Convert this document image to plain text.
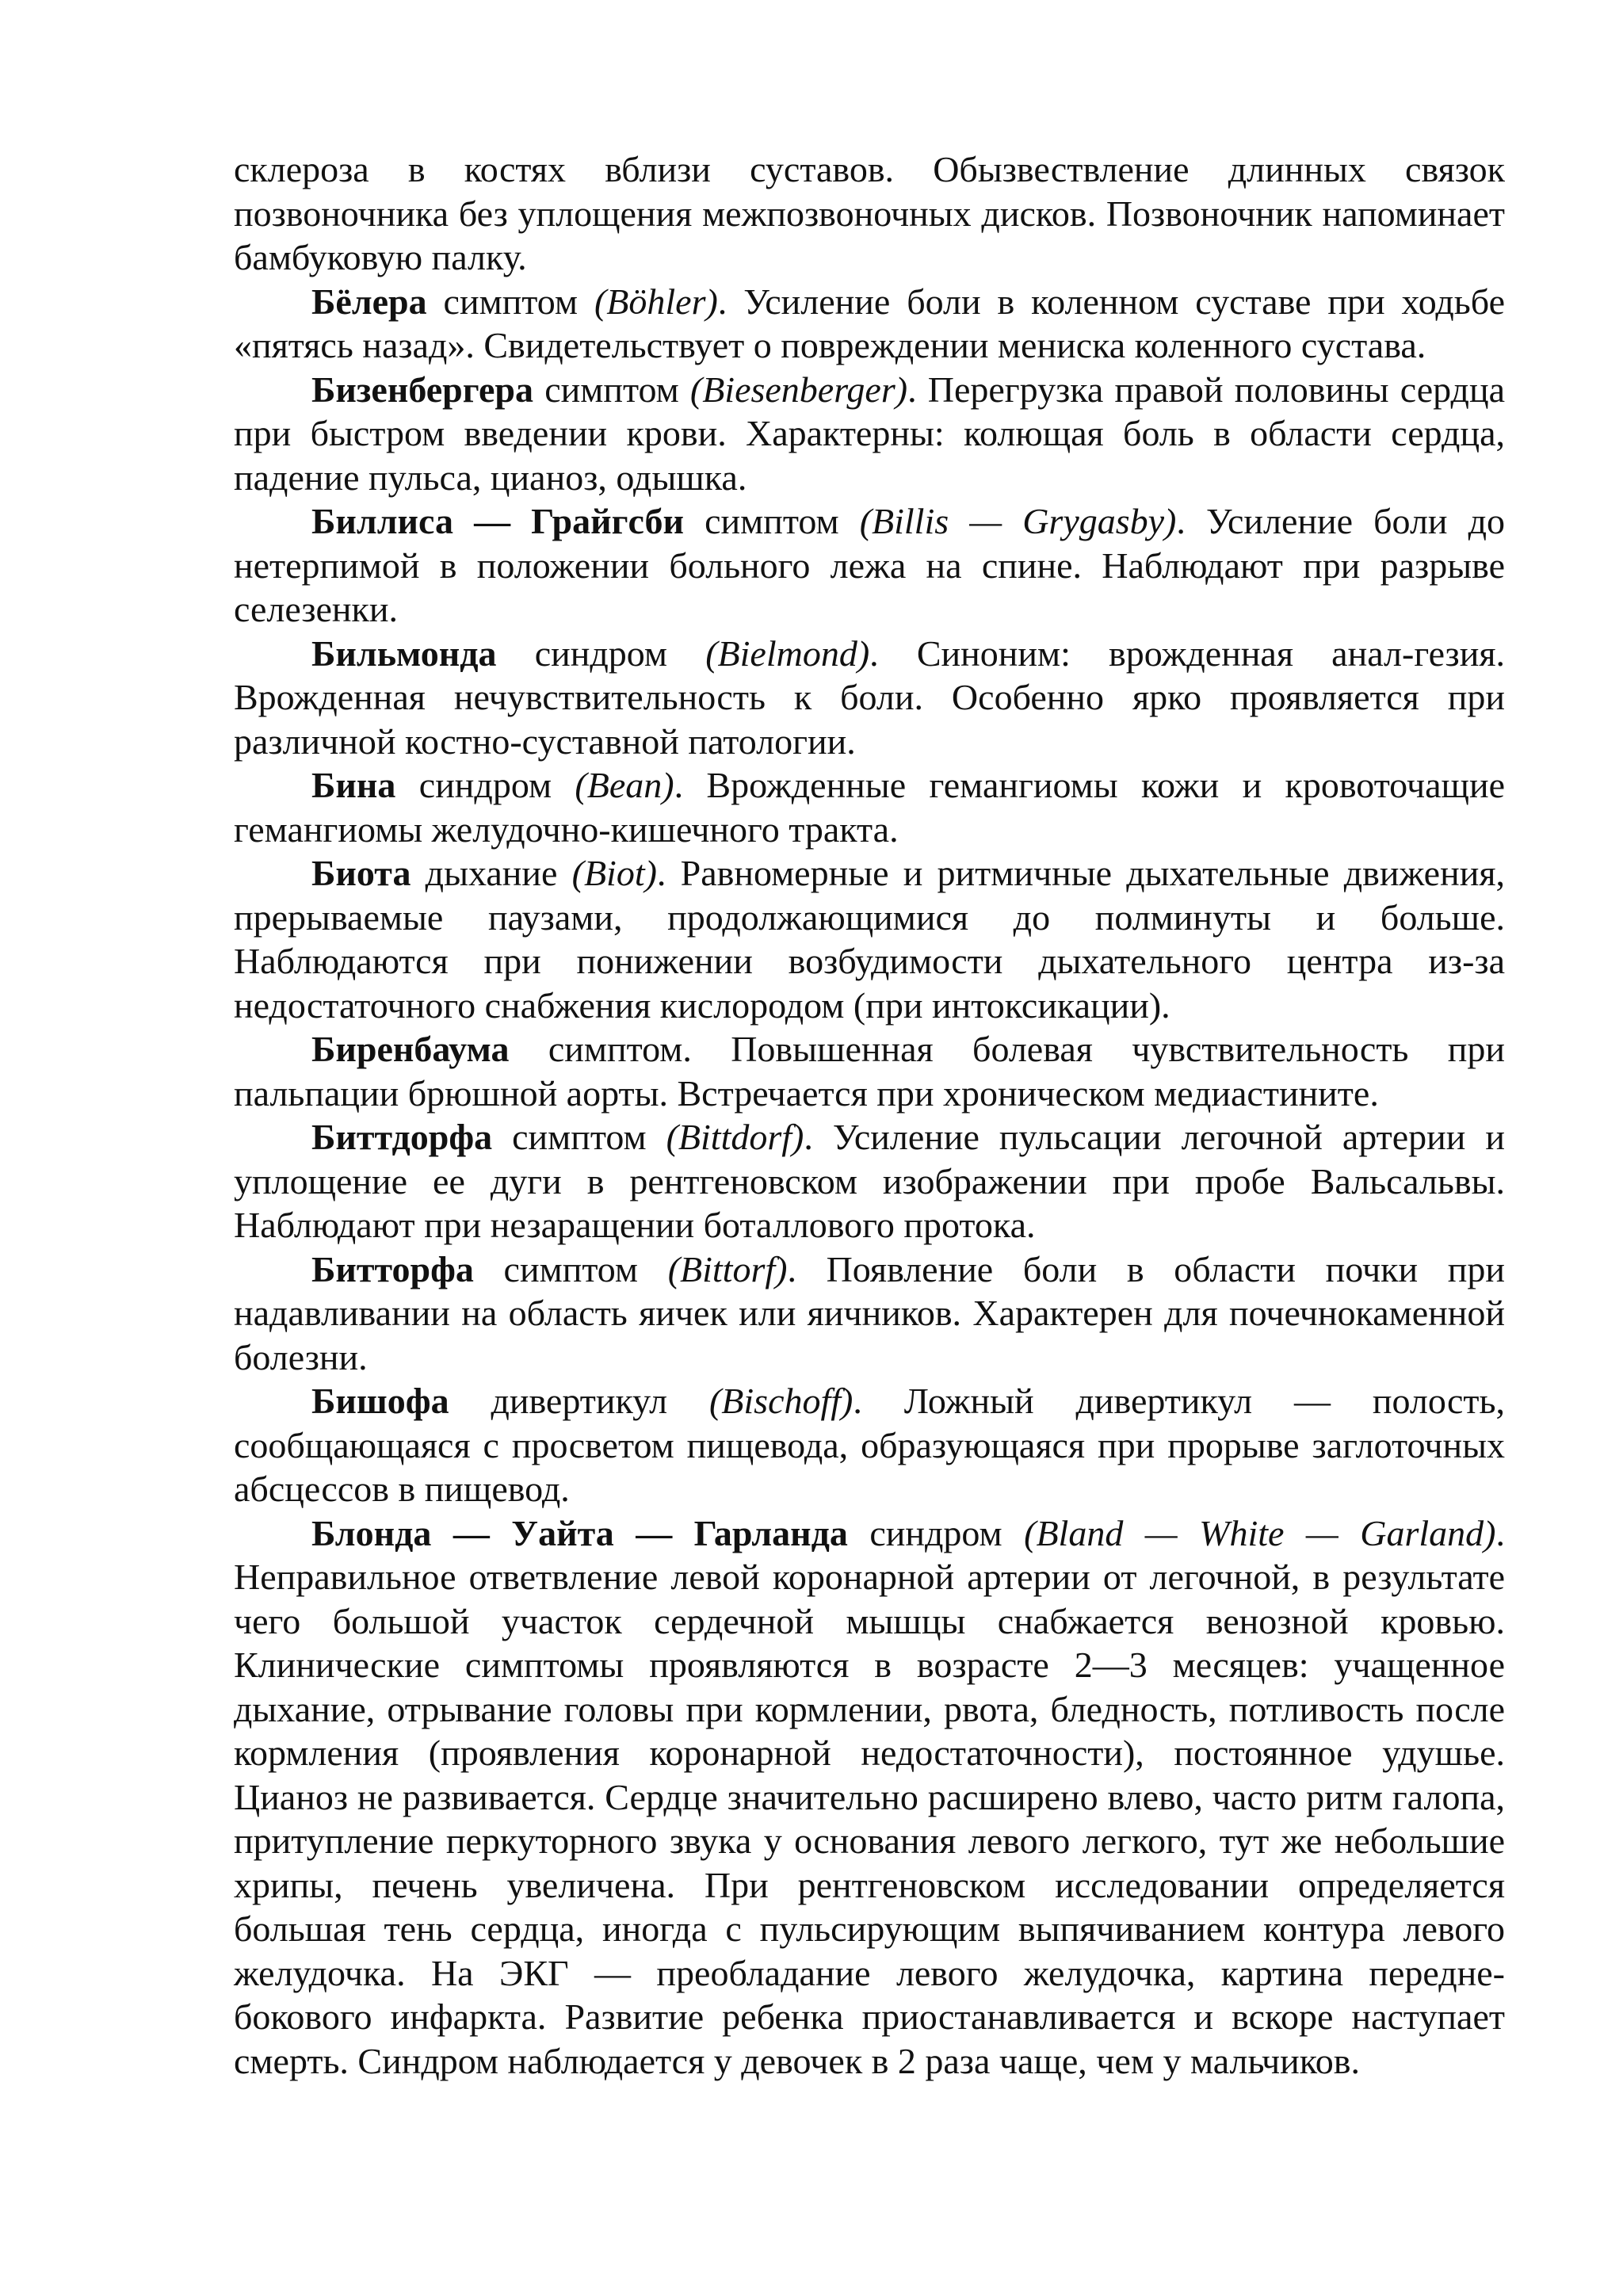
склероза в костях вблизи суставов. Обызвествление длинных связок позвоночника без уплощения межпозвоночных дисков. Позвоночник напоминает бамбуковую палку.

Бёлера симптом (Böhler). Усиление боли в коленном суставе при ходьбе «пятясь назад». Свидетельствует о повреждении мениска коленного сустава.

Бизенбергера симптом (Biesenberger). Перегрузка правой половины сердца при быстром введении крови. Характерны: колющая боль в области сердца, падение пульса, цианоз, одышка.

Биллиса — Грайгсби симптом (Billis — Grygasby). Усиление боли до нетерпимой в положении больного лежа на спине. Наблюдают при разрыве селезенки.

Бильмонда синдром (Bielmond). Синоним: врожденная анал-гезия. Врожденная нечувствительность к боли. Особенно ярко проявляется при различной костно-суставной патологии.

Бина синдром (Bean). Врожденные гемангиомы кожи и кровоточащие гемангиомы желудочно-кишечного тракта.

Биота дыхание (Biot). Равномерные и ритмичные дыхательные движения, прерываемые паузами, продолжающимися до полминуты и больше. Наблюдаются при понижении возбудимости дыхательного центра из-за недостаточного снабжения кислородом (при интоксикации).

Биренбаума симптом. Повышенная болевая чувствительность при пальпации брюшной аорты. Встречается при хроническом медиастините.

Биттдорфа симптом (Bittdorf). Усиление пульсации легочной артерии и уплощение ее дуги в рентгеновском изображении при пробе Вальсальвы. Наблюдают при незаращении боталлового протока.

Битторфа симптом (Bittorf). Появление боли в области почки при надавливании на область яичек или яичников. Характерен для почечнокаменной болезни.

Бишофа дивертикул (Bischoff). Ложный дивертикул — полость, сообщающаяся с просветом пищевода, образующаяся при прорыве заглоточных абсцессов в пищевод.

Блонда — Уайта — Гарланда синдром (Bland — White — Garland). Неправильное ответвление левой коронарной артерии от легочной, в результате чего большой участок сердечной мышцы снабжается венозной кровью. Клинические симптомы проявляются в возрасте 2—3 месяцев: учащенное дыхание, отрывание головы при кормлении, рвота, бледность, потливость после кормления (проявления коронарной недостаточности), постоянное удушье. Цианоз не развивается. Сердце значительно расширено влево, часто ритм галопа, притупление перкуторного звука у основания левого легкого, тут же небольшие хрипы, печень увеличена. При рентгеновском исследовании определяется большая тень сердца, иногда с пульсирующим выпячиванием контура левого желудочка. На ЭКГ — преобладание левого желудочка, картина передне-бокового инфаркта. Развитие ребенка приостанавливается и вскоре наступает смерть. Синдром наблюдается у девочек в 2 раза чаще, чем у мальчиков.
